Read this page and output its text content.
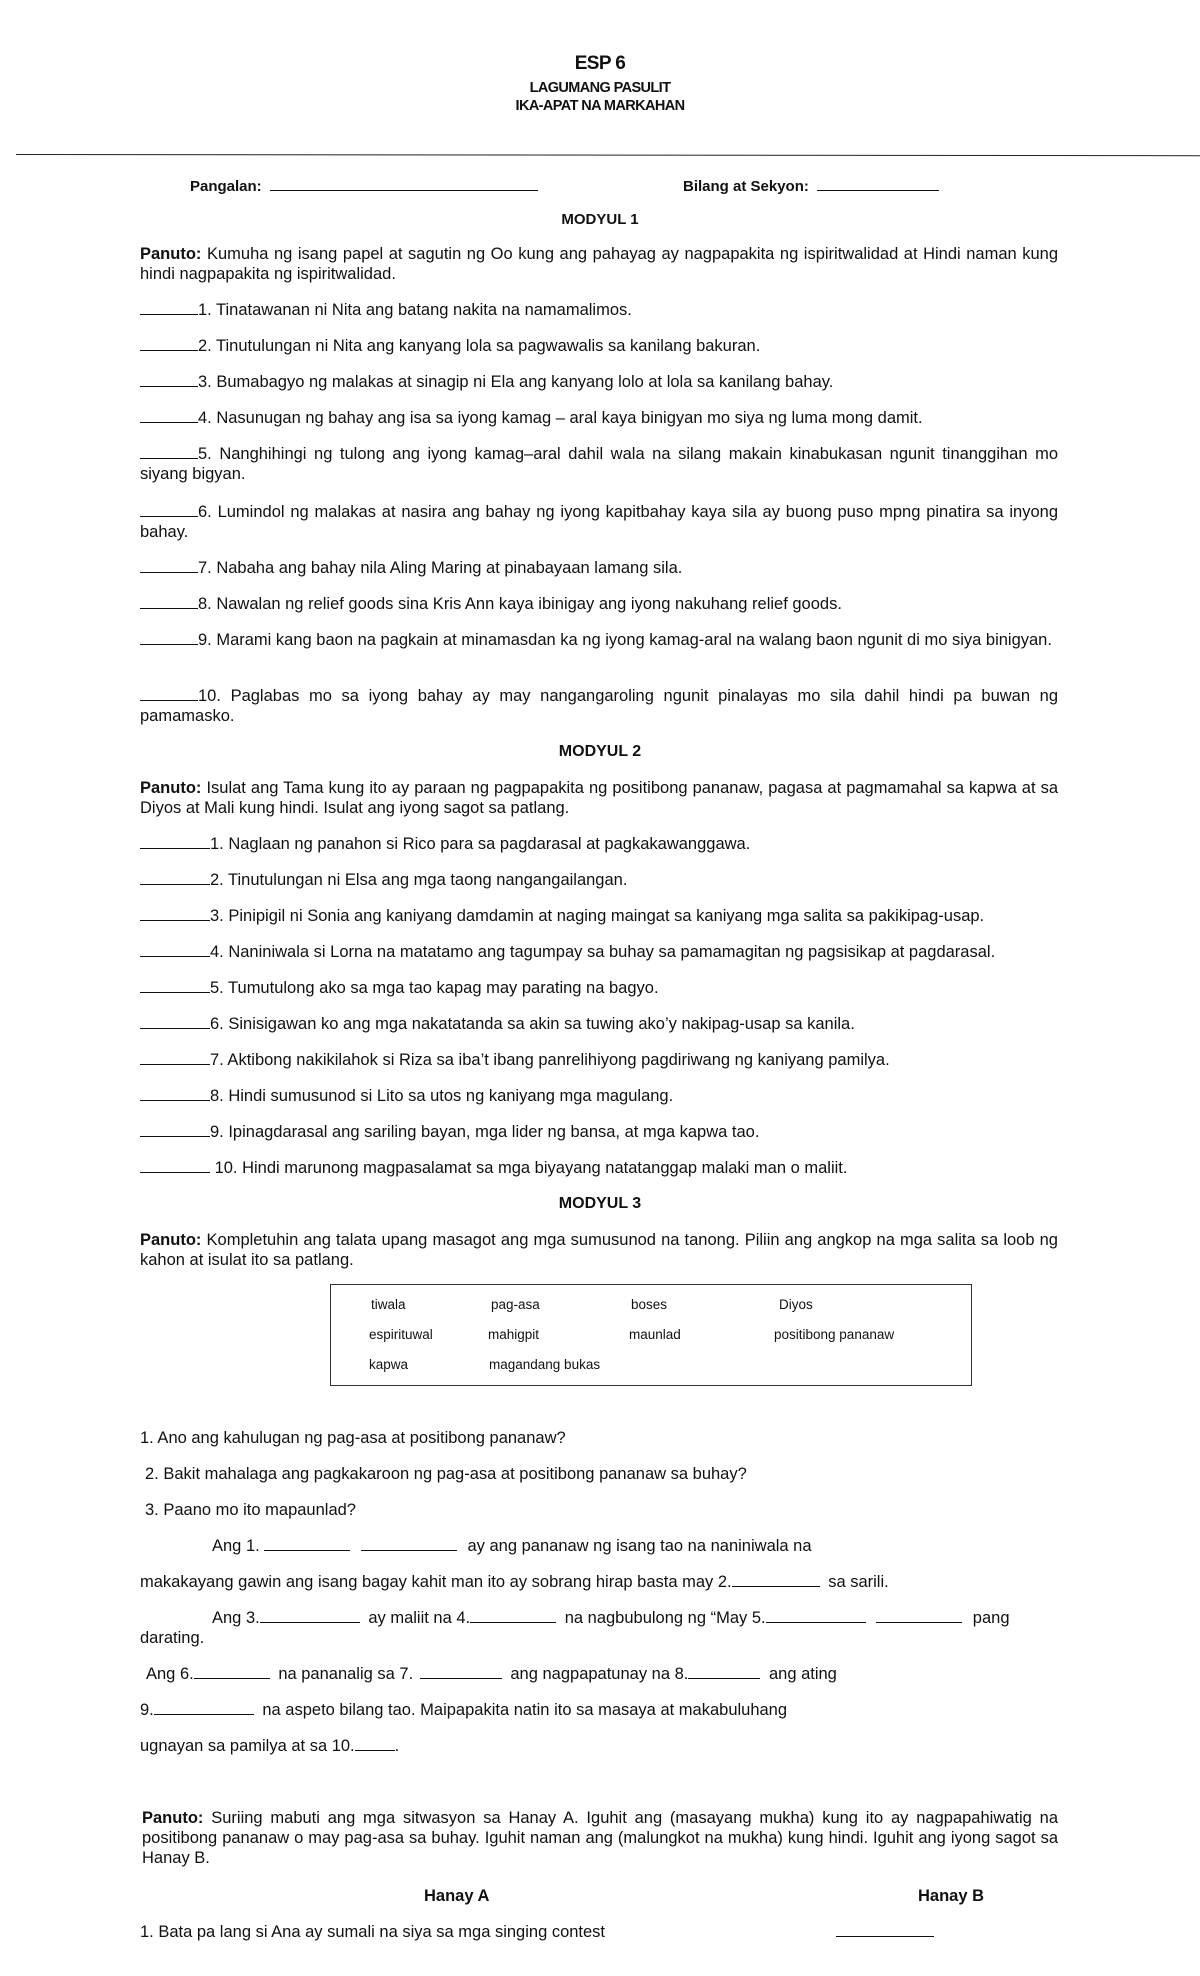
ESP 6
LAGUMANG PASULIT
IKA-APAT NA MARKAHAN
Pangalan:	Bilang at Sekyon:
MODYUL 1
Panuto: Kumuha ng isang papel at sagutin ng Oo kung ang pahayag ay nagpapakita ng ispiritwalidad at Hindi naman kung hindi nagpapakita ng ispiritwalidad.
1. Tinatawanan ni Nita ang batang nakita na namamalimos.
2. Tinutulungan ni Nita ang kanyang lola sa pagwawalis sa kanilang bakuran.
3. Bumabagyo ng malakas at sinagip ni Ela ang kanyang lolo at lola sa kanilang bahay.
4. Nasunugan ng bahay ang isa sa iyong kamag – aral kaya binigyan mo siya ng luma mong damit.
5. Nanghihingi ng tulong ang iyong kamag–aral dahil wala na silang makain kinabukasan ngunit tinanggihan mo siyang bigyan.
6. Lumindol ng malakas at nasira ang bahay ng iyong kapitbahay kaya sila ay buong puso mpng pinatira sa inyong bahay.
7. Nabaha ang bahay nila Aling Maring at pinabayaan lamang sila.
8. Nawalan ng relief goods sina Kris Ann kaya ibinigay ang iyong nakuhang relief goods.
9. Marami kang baon na pagkain at minamasdan ka ng iyong kamag-aral na walang baon ngunit di mo siya binigyan.
10. Paglabas mo sa iyong bahay ay may nangangaroling ngunit pinalayas mo sila dahil hindi pa buwan ng pamamasko.
MODYUL 2
Panuto: Isulat ang Tama kung ito ay paraan ng pagpapakita ng positibong pananaw, pagasa at pagmamahal sa kapwa at sa Diyos at Mali kung hindi. Isulat ang iyong sagot sa patlang.
1. Naglaan ng panahon si Rico para sa pagdarasal at pagkakawanggawa.
2. Tinutulungan ni Elsa ang mga taong nangangailangan.
3. Pinipigil ni Sonia ang kaniyang damdamin at naging maingat sa kaniyang mga salita sa pakikipag-usap.
4. Naniniwala si Lorna na matatamo ang tagumpay sa buhay sa pamamagitan ng pagsisikap at pagdarasal.
5. Tumutulong ako sa mga tao kapag may parating na bagyo.
6. Sinisigawan ko ang mga nakatatanda sa akin sa tuwing ako’y nakipag-usap sa kanila.
7. Aktibong nakikilahok si Riza sa iba’t ibang panrelihiyong pagdiriwang ng kaniyang pamilya.
8. Hindi sumusunod si Lito sa utos ng kaniyang mga magulang.
9. Ipinagdarasal ang sariling bayan, mga lider ng bansa, at mga kapwa tao.
10. Hindi marunong magpasalamat sa mga biyayang natatanggap malaki man o maliit.
MODYUL 3
Panuto: Kompletuhin ang talata upang masagot ang mga sumusunod na tanong. Piliin ang angkop na mga salita sa loob ng kahon at isulat ito sa patlang.
tiwala	pag-asa	boses	Diyos
espirituwal	mahigpit	maunlad	positibong pananaw
kapwa	magandang bukas
1. Ano ang kahulugan ng pag-asa at positibong pananaw?
2. Bakit mahalaga ang pagkakaroon ng pag-asa at positibong pananaw sa buhay?
3. Paano mo ito mapaunlad?
Ang 1.	ay ang pananaw ng isang tao na naniniwala na
makakayang gawin ang isang bagay kahit man ito ay sobrang hirap basta may 2.	sa sarili.
Ang 3.	ay maliit na 4.	na nagbubulong ng “May 5.	pang
darating.
Ang 6.	na pananalig sa 7.	ang nagpapatunay na 8.	ang ating
9.	na aspeto bilang tao. Maipapakita natin ito sa masaya at makabuluhang
ugnayan sa pamilya at sa 10. .
Panuto: Suriing mabuti ang mga sitwasyon sa Hanay A. Iguhit ang (masayang mukha) kung ito ay nagpapahiwatig na positibong pananaw o may pag-asa sa buhay. Iguhit naman ang (malungkot na mukha) kung hindi. Iguhit ang iyong sagot sa Hanay B.
Hanay A	Hanay B
1. Bata pa lang si Ana ay sumali na siya sa mga singing contest
